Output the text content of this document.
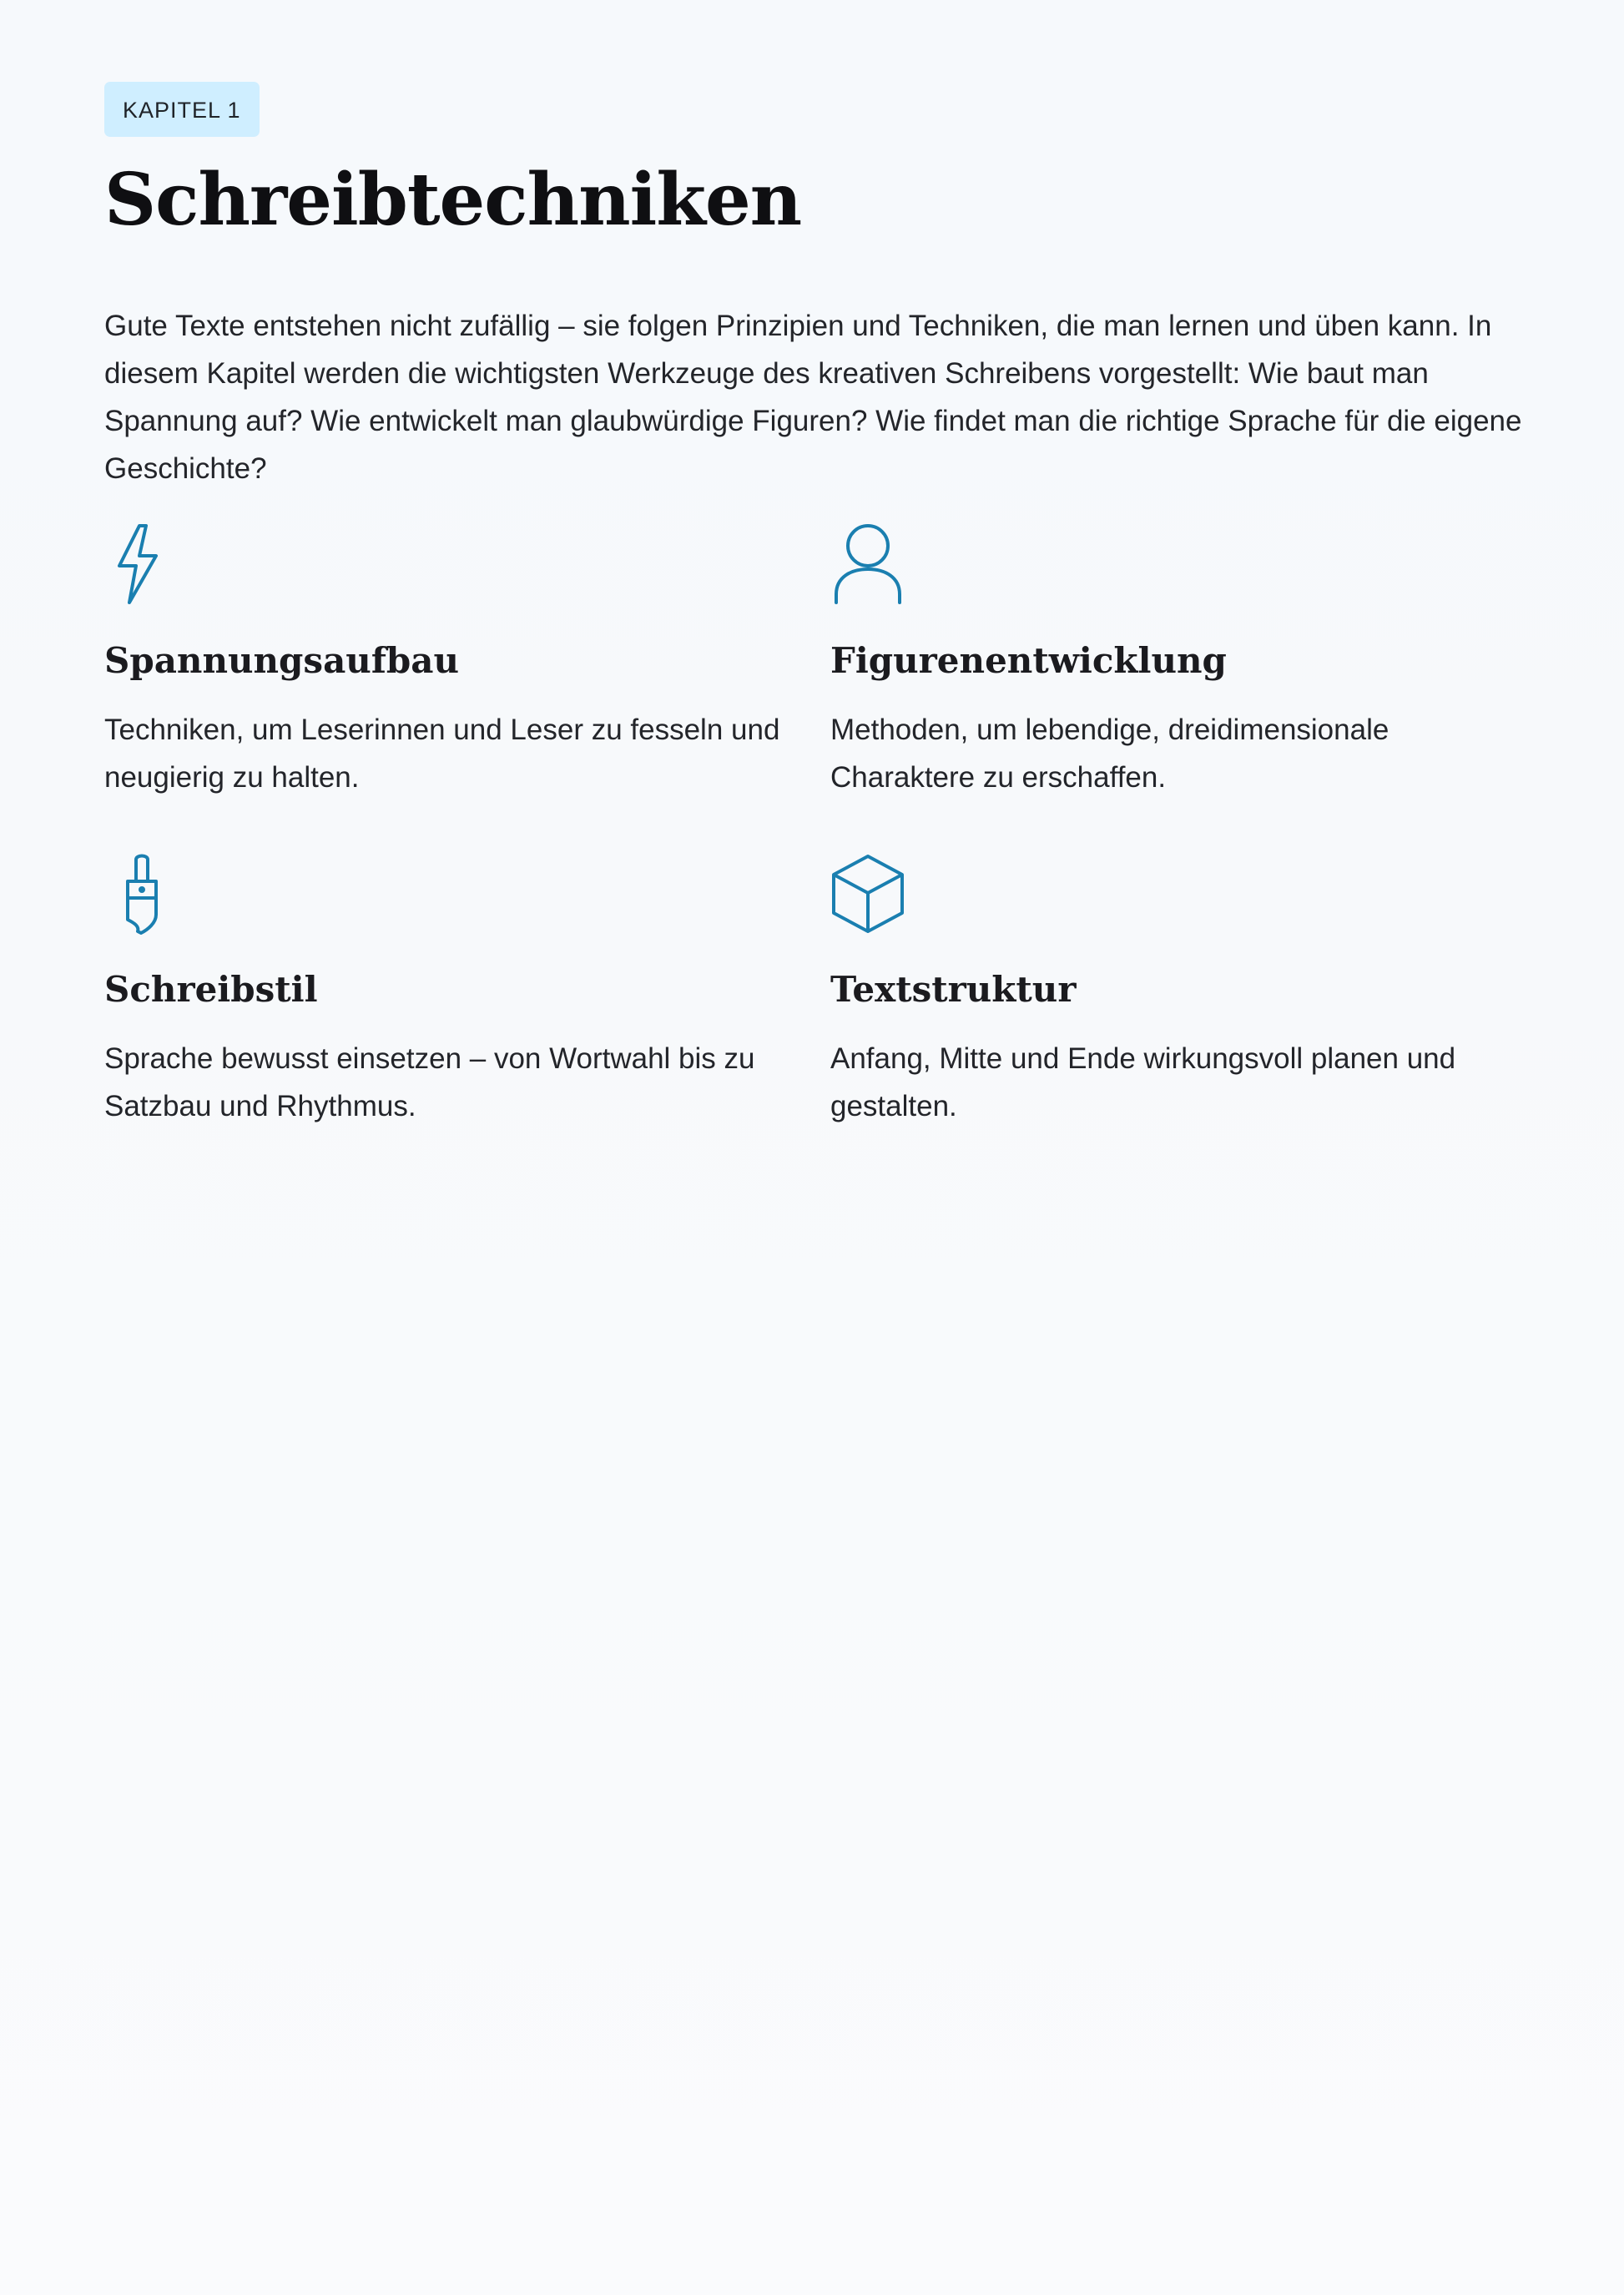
KAPITEL 1
Schreibtechniken

Gute Texte entstehen nicht zufällig – sie folgen Prinzipien und Techniken, die man lernen und üben kann. In diesem Kapitel werden die wichtigsten Werkzeuge des kreativen Schreibens vorgestellt: Wie baut man Spannung auf? Wie entwickelt man glaubwürdige Figuren? Wie findet man die richtige Sprache für die eigene Geschichte?

Spannungsaufbau

Techniken, um Leserinnen und Leser zu fesseln und neugierig zu halten.

Figurenentwicklung

Methoden, um lebendige, dreidimensionale Charaktere zu erschaffen.

Schreibstil

Sprache bewusst einsetzen – von Wortwahl bis zu Satzbau und Rhythmus.

Textstruktur

Anfang, Mitte und Ende wirkungsvoll planen und gestalten.
